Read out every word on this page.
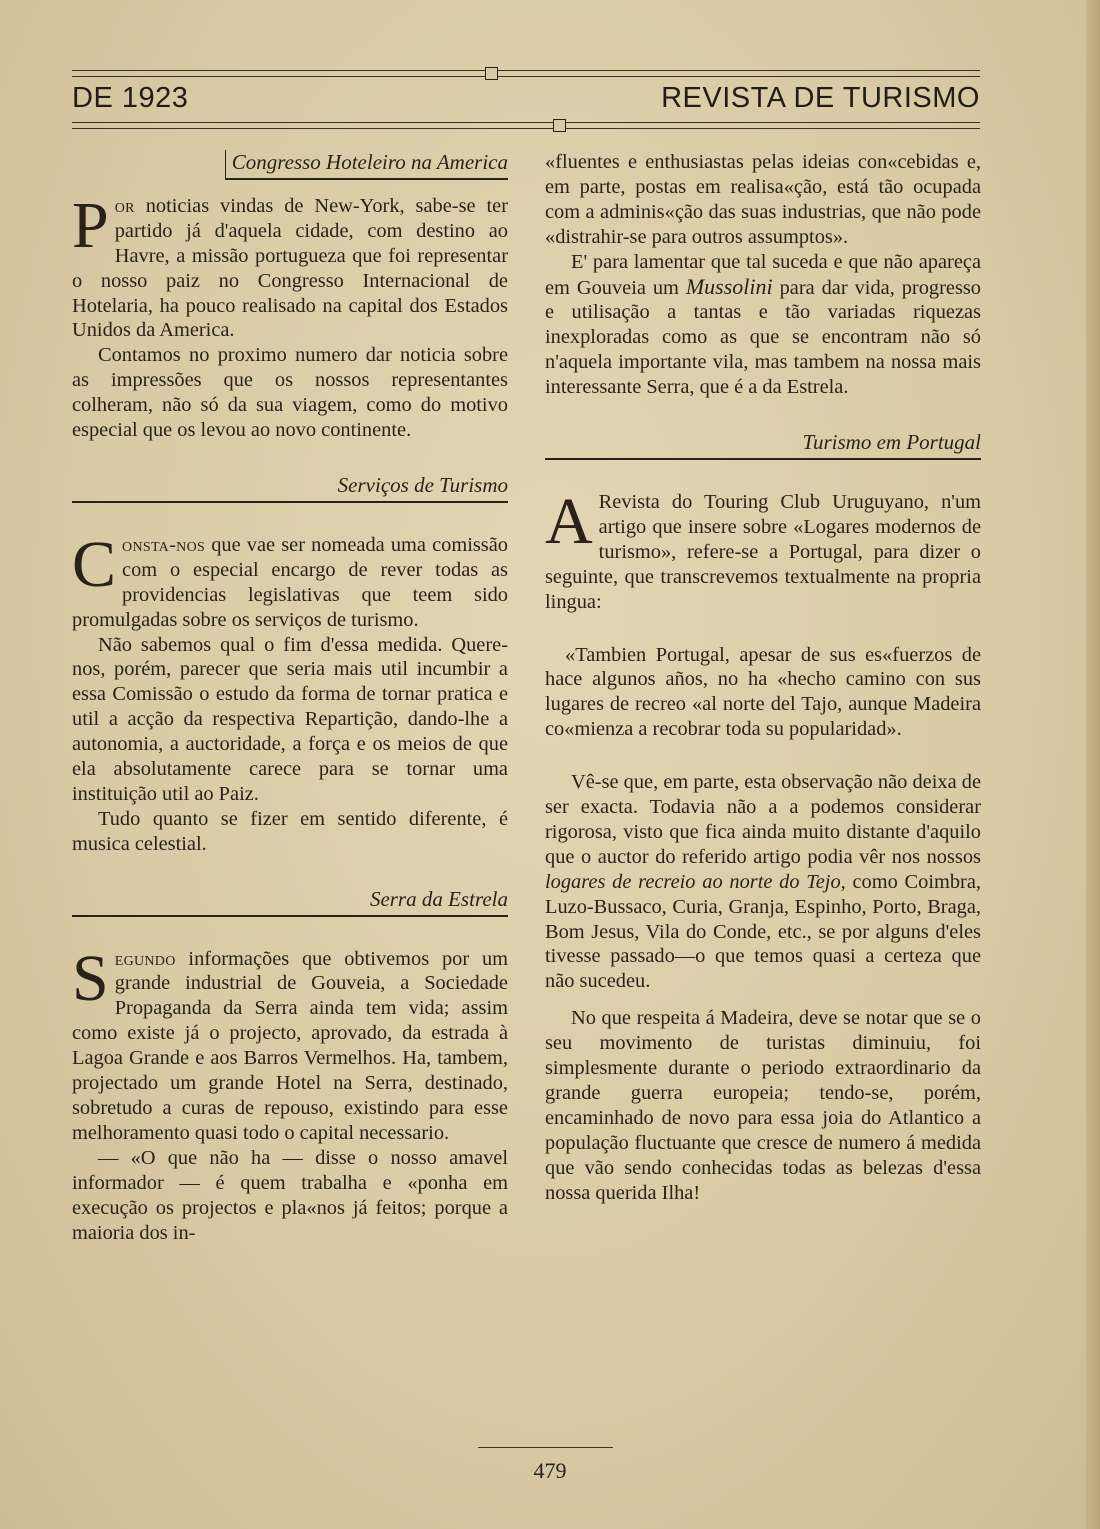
DE 1923	REVISTA DE TURISMO
Congresso Hoteleiro na America

Por noticias vindas de New-York, sabe-se ter partido já d'aquela cidade, com destino ao Havre, a missão portugueza que foi representar o nosso paiz no Congresso Internacional de Hotelaria, ha pouco realisado na capital dos Estados Unidos da America.

Contamos no proximo numero dar noticia sobre as impressões que os nossos representantes colheram, não só da sua viagem, como do motivo especial que os levou ao novo continente.

Serviços de Turismo

Consta-nos que vae ser nomeada uma comissão com o especial encargo de rever todas as providencias legislativas que teem sido promulgadas sobre os serviços de turismo.

Não sabemos qual o fim d'essa medida. Quere-nos, porém, parecer que seria mais util incumbir a essa Comissão o estudo da forma de tornar pratica e util a acção da respectiva Repartição, dando-lhe a autonomia, a auctoridade, a força e os meios de que ela absolutamente carece para se tornar uma instituição util ao Paiz.

Tudo quanto se fizer em sentido diferente, é musica celestial.

Serra da Estrela

Segundo informações que obtivemos por um grande industrial de Gouveia, a Sociedade Propaganda da Serra ainda tem vida; assim como existe já o projecto, aprovado, da estrada à Lagoa Grande e aos Barros Vermelhos. Ha, tambem, projectado um grande Hotel na Serra, destinado, sobretudo a curas de repouso, existindo para esse melhoramento quasi todo o capital necessario.

— «O que não ha — disse o nosso amavel informador — é quem trabalha e «ponha em execução os projectos e pla«nos já feitos; porque a maioria dos in-

«fluentes e enthusiastas pelas ideias con«cebidas e, em parte, postas em realisa«ção, está tão ocupada com a adminis«ção das suas industrias, que não pode «distrahir-se para outros assumptos».

E' para lamentar que tal suceda e que não apareça em Gouveia um Mussolini para dar vida, progresso e utilisação a tantas e tão variadas riquezas inexploradas como as que se encontram não só n'aquela importante vila, mas tambem na nossa mais interessante Serra, que é a da Estrela.

Turismo em Portugal

A Revista do Touring Club Uruguyano, n'um artigo que insere sobre «Logares modernos de turismo», refere-se a Portugal, para dizer o seguinte, que transcrevemos textualmente na propria lingua:

«Tambien Portugal, apesar de sus es«fuerzos de hace algunos años, no ha «hecho camino con sus lugares de recreo «al norte del Tajo, aunque Madeira co«mienza a recobrar toda su popularidad».

Vê-se que, em parte, esta observação não deixa de ser exacta. Todavia não a a podemos considerar rigorosa, visto que fica ainda muito distante d'aquilo que o auctor do referido artigo podia vêr nos nossos logares de recreio ao norte do Tejo, como Coimbra, Luzo-Bussaco, Curia, Granja, Espinho, Porto, Braga, Bom Jesus, Vila do Conde, etc., se por alguns d'eles tivesse passado—o que temos quasi a certeza que não sucedeu.

No que respeita á Madeira, deve se notar que se o seu movimento de turistas diminuiu, foi simplesmente durante o periodo extraordinario da grande guerra europeia; tendo-se, porém, encaminhado de novo para essa joia do Atlantico a população fluctuante que cresce de numero á medida que vão sendo conhecidas todas as belezas d'essa nossa querida Ilha!

479
